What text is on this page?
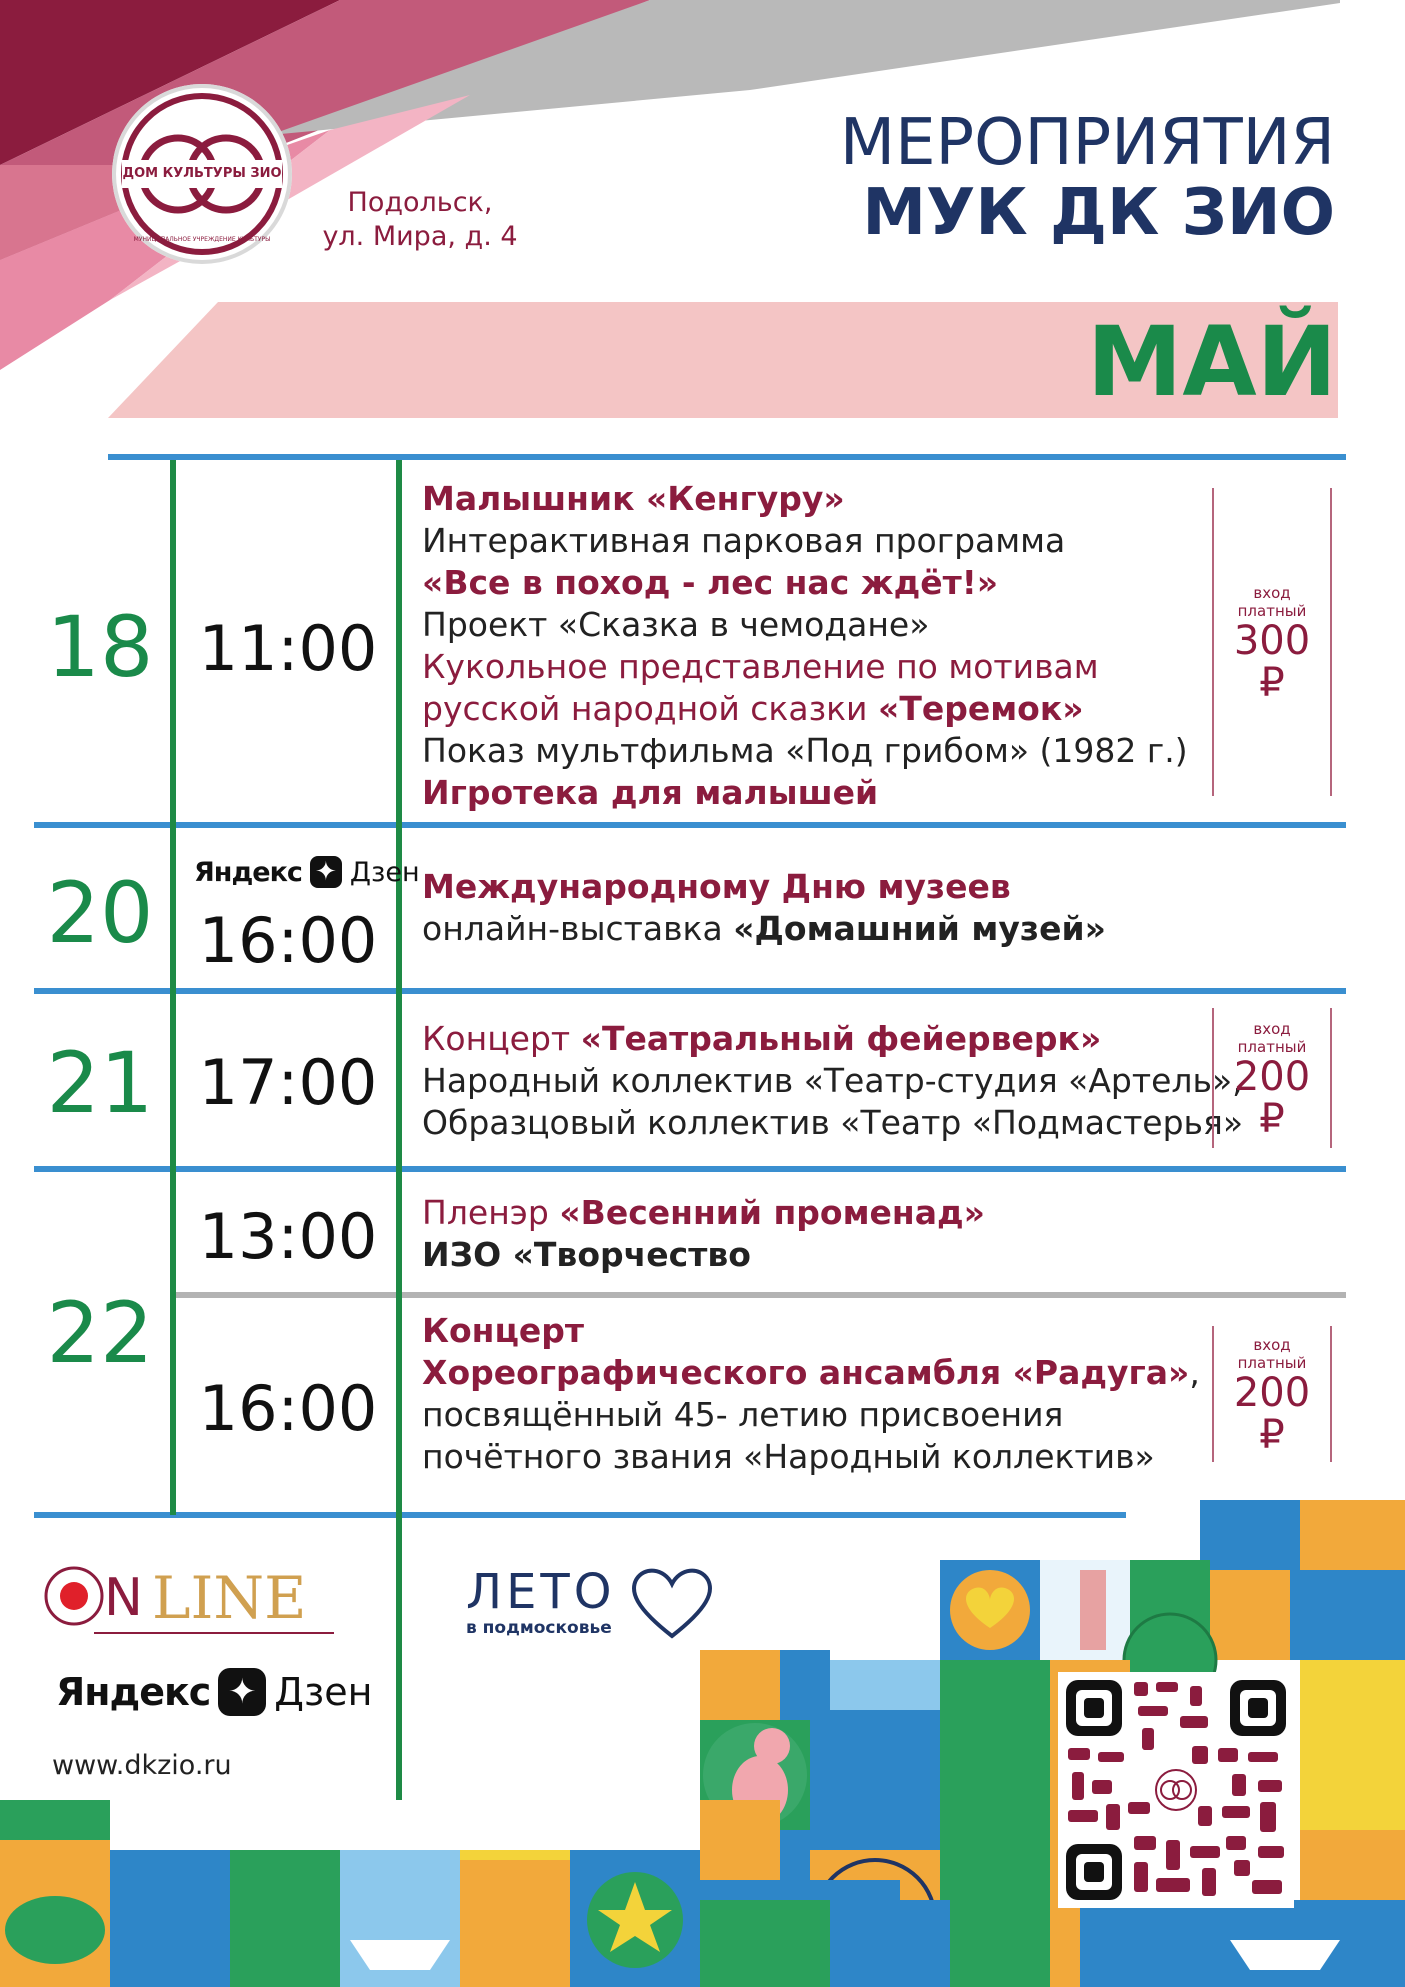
ДОМ КУЛЬТУРЫ ЗИО
МУНИЦИПАЛЬНОЕ УЧРЕЖДЕНИЕ КУЛЬТУРЫ
Подольск,
ул. Мира, д. 4
МЕРОПРИЯТИЯ
МУК ДК ЗИО
МАЙ
18 11:00
Малышник «Кенгуру»
Интерактивная парковая программа
«Все в поход - лес нас ждёт!»
Проект «Сказка в чемодане»
Кукольное представление по мотивам
русской народной сказки «Теремок»
Показ мультфильма «Под грибом» (1982 г.)
Игротека для малышей
вход
платный
300
₽
20 Яндекс ✦ Дзен
16:00
Международному Дню музеев
онлайн-выставка «Домашний музей»
21 17:00
Концерт «Театральный фейерверк»
Народный коллектив «Театр-студия «Артель»,
Образцовый коллектив «Театр «Подмастерья»
вход
платный
200
₽
22
13:00	Пленэр «Весенний променад»
ИЗО «Творчество
16:00
Концерт
Хореографического ансамбля «Радуга»,
посвящённый 45- летию присвоения
почётного звания «Народный коллектив»
вход
платный
200
₽
N LINE
Яндекс ✦ Дзен
www.dkzio.ru
ЛЕТО
в подмосковье
